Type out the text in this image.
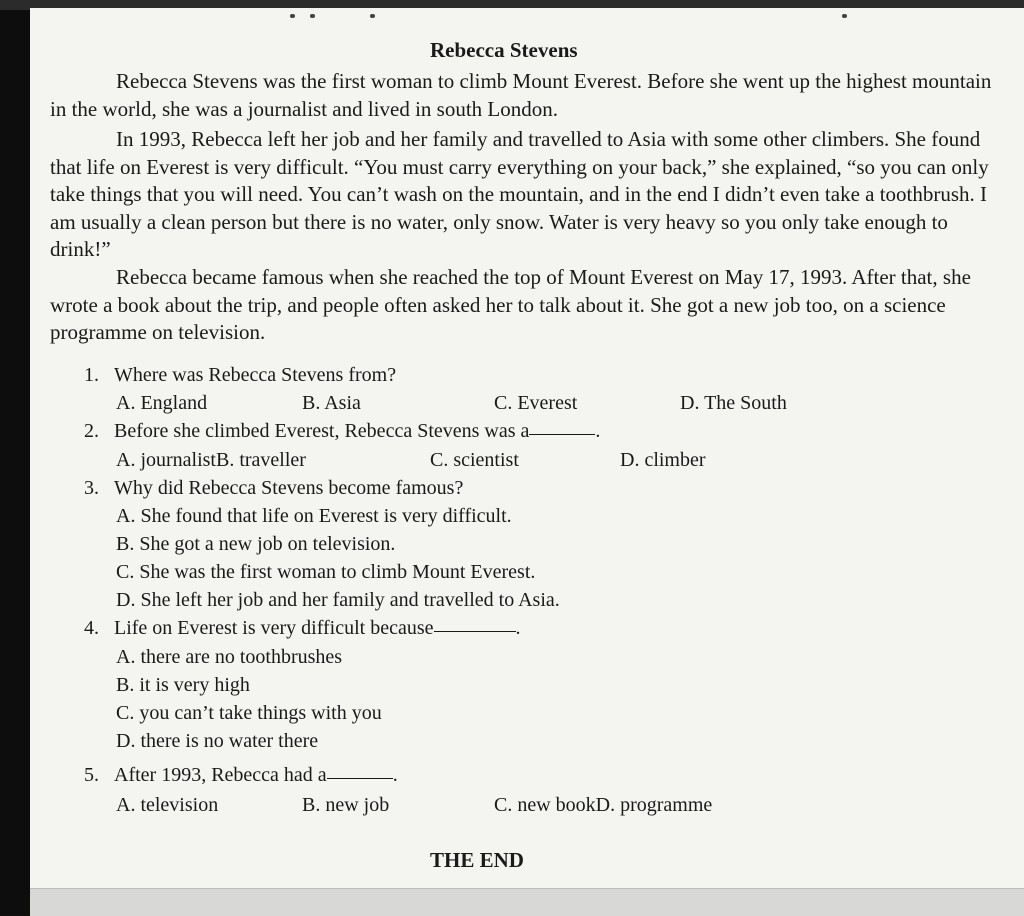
Rebecca Stevens
Rebecca Stevens was the first woman to climb Mount Everest. Before she went up the highest mountain in the world, she was a journalist and lived in south London.
In 1993, Rebecca left her job and her family and travelled to Asia with some other climbers. She found that life on Everest is very difficult. “You must carry everything on your back,” she explained, “so you can only take things that you will need. You can’t wash on the mountain, and in the end I didn’t even take a toothbrush. I am usually a clean person but there is no water, only snow. Water is very heavy so you only take enough to drink!”
Rebecca became famous when she reached the top of Mount Everest on May 17, 1993. After that, she wrote a book about the trip, and people often asked her to talk about it. She got a new job too, on a science programme on television.
1. Where was Rebecca Stevens from?
A. England	B. Asia	C. Everest	D. The South
2. Before she climbed Everest, Rebecca Stevens was a	.
A. journalistB. traveller	C. scientist	D. climber
3. Why did Rebecca Stevens become famous?
A. She found that life on Everest is very difficult.
B. She got a new job on television.
C. She was the first woman to climb Mount Everest.
D. She left her job and her family and travelled to Asia.
4. Life on Everest is very difficult because	.
A. there are no toothbrushes
B. it is very high
C. you can’t take things with you
D. there is no water there
5. After 1993, Rebecca had a	.
A. television	B. new job	C. new bookD. programme
THE END
